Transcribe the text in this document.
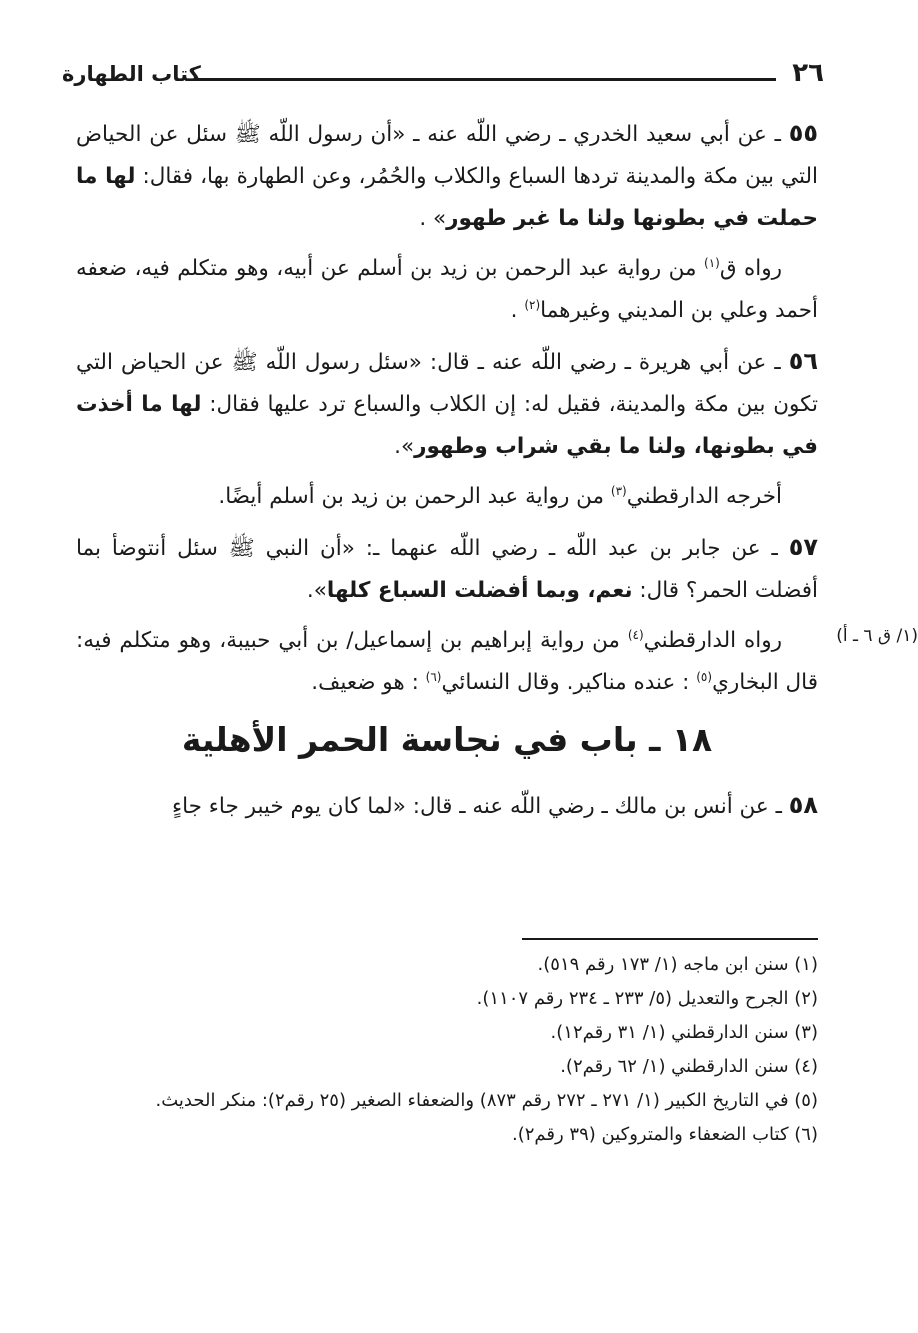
٢٦
كتاب الطهارة

٥٥ ـ عن أبي سعيد الخدري ـ رضي اللّه عنه ـ «أن رسول اللّه ﷺ سئل عن الحياض التي بين مكة والمدينة تردها السباع والكلاب والحُمُر، وعن الطهارة بها، فقال: لها ما حملت في بطونها ولنا ما غبر طهور» .

رواه ق$^{(١)}$ من رواية عبد الرحمن بن زيد بن أسلم عن أبيه، وهو متكلم فيه، ضعفه أحمد وعلي بن المديني وغيرهما$^{(٢)}$ .

٥٦ ـ عن أبي هريرة ـ رضي اللّه عنه ـ قال: «سئل رسول اللّه ﷺ عن الحياض التي تكون بين مكة والمدينة، فقيل له: إن الكلاب والسباع ترد عليها فقال: لها ما أخذت في بطونها، ولنا ما بقي شراب وطهور».

أخرجه الدارقطني$^{(٣)}$ من رواية عبد الرحمن بن زيد بن أسلم أيضًا.

٥٧ ـ عن جابر بن عبد اللّه ـ رضي اللّه عنهما ـ: «أن النبي ﷺ سئل أنتوضأ بما أفضلت الحمر؟ قال: نعم، وبما أفضلت السباع كلها».

(١/ ق ٦ ـ أ)

رواه الدارقطني$^{(٤)}$ من رواية إبراهيم بن إسماعيل/ بن أبي حبيبة، وهو متكلم فيه: قال البخاري$^{(٥)}$ : عنده مناكير. وقال النسائي$^{(٦)}$ : هو ضعيف.

١٨ ـ باب في نجاسة الحمر الأهلية

٥٨ ـ عن أنس بن مالك ـ رضي اللّه عنه ـ قال: «لما كان يوم خيبر جاء جاءٍ

(١) سنن ابن ماجه (١/ ١٧٣ رقم ٥١٩).
(٢) الجرح والتعديل (٥/ ٢٣٣ ـ ٢٣٤ رقم ١١٠٧).
(٣) سنن الدارقطني (١/ ٣١ رقم١٢).
(٤) سنن الدارقطني (١/ ٦٢ رقم٢).
(٥) في التاريخ الكبير (١/ ٢٧١ ـ ٢٧٢ رقم ٨٧٣) والضعفاء الصغير (٢٥ رقم٢): منكر الحديث.
(٦) كتاب الضعفاء والمتروكين (٣٩ رقم٢).
